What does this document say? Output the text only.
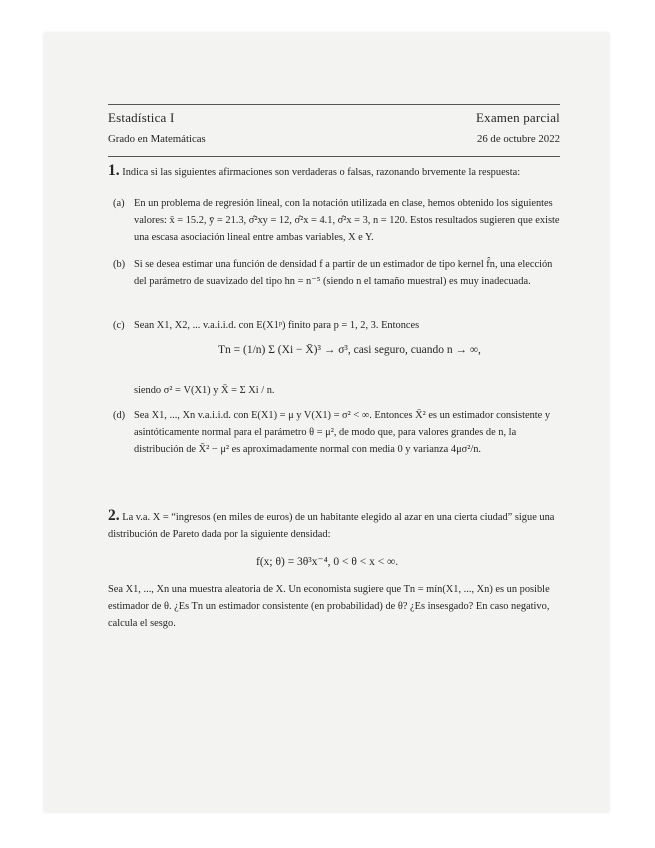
Estadística I	Examen parcial
Grado en Matemáticas	26 de octubre 2022
1. Indica si las siguientes afirmaciones son verdaderas o falsas, razonando brvemente la respuesta:
(a) En un problema de regresión lineal, con la notación utilizada en clase, hemos obtenido los siguientes valores: x̄ = 15.2, ȳ = 21.3, σ̂²xy = 12, σ̂²x = 4.1, σ̂²x = 3, n = 120. Estos resultados sugieren que existe una escasa asociación lineal entre ambas variables, X e Y.
(b) Si se desea estimar una función de densidad f a partir de un estimador de tipo kernel f̂n, una elección del parámetro de suavizado del tipo hn = n⁻⁵ (siendo n el tamaño muestral) es muy inadecuada.
(c) Sean X1, X2, ... v.a.i.i.d. con E(X1ᵖ) finito para p = 1, 2, 3. Entonces
Tn = (1/n) Σ (Xi − X̄)³ → σ³, casi seguro, cuando n → ∞,
siendo σ² = V(X1) y X̄ = Σ Xi / n.
(d) Sea X1, ..., Xn v.a.i.i.d. con E(X1) = μ y V(X1) = σ² < ∞. Entonces X̄² es un estimador consistente y asintóticamente normal para el parámetro θ = μ², de modo que, para valores grandes de n, la distribución de X̄² − μ² es aproximadamente normal con media 0 y varianza 4μσ²/n.
2. La v.a. X = “ingresos (en miles de euros) de un habitante elegido al azar en una cierta ciudad” sigue una distribución de Pareto dada por la siguiente densidad:
f(x; θ) = 3θ³x⁻⁴, 0 < θ < x < ∞.
Sea X1, ..., Xn una muestra aleatoria de X. Un economista sugiere que Tn = mín(X1, ..., Xn) es un posible estimador de θ. ¿Es Tn un estimador consistente (en probabilidad) de θ? ¿Es insesgado? En caso negativo, calcula el sesgo.
